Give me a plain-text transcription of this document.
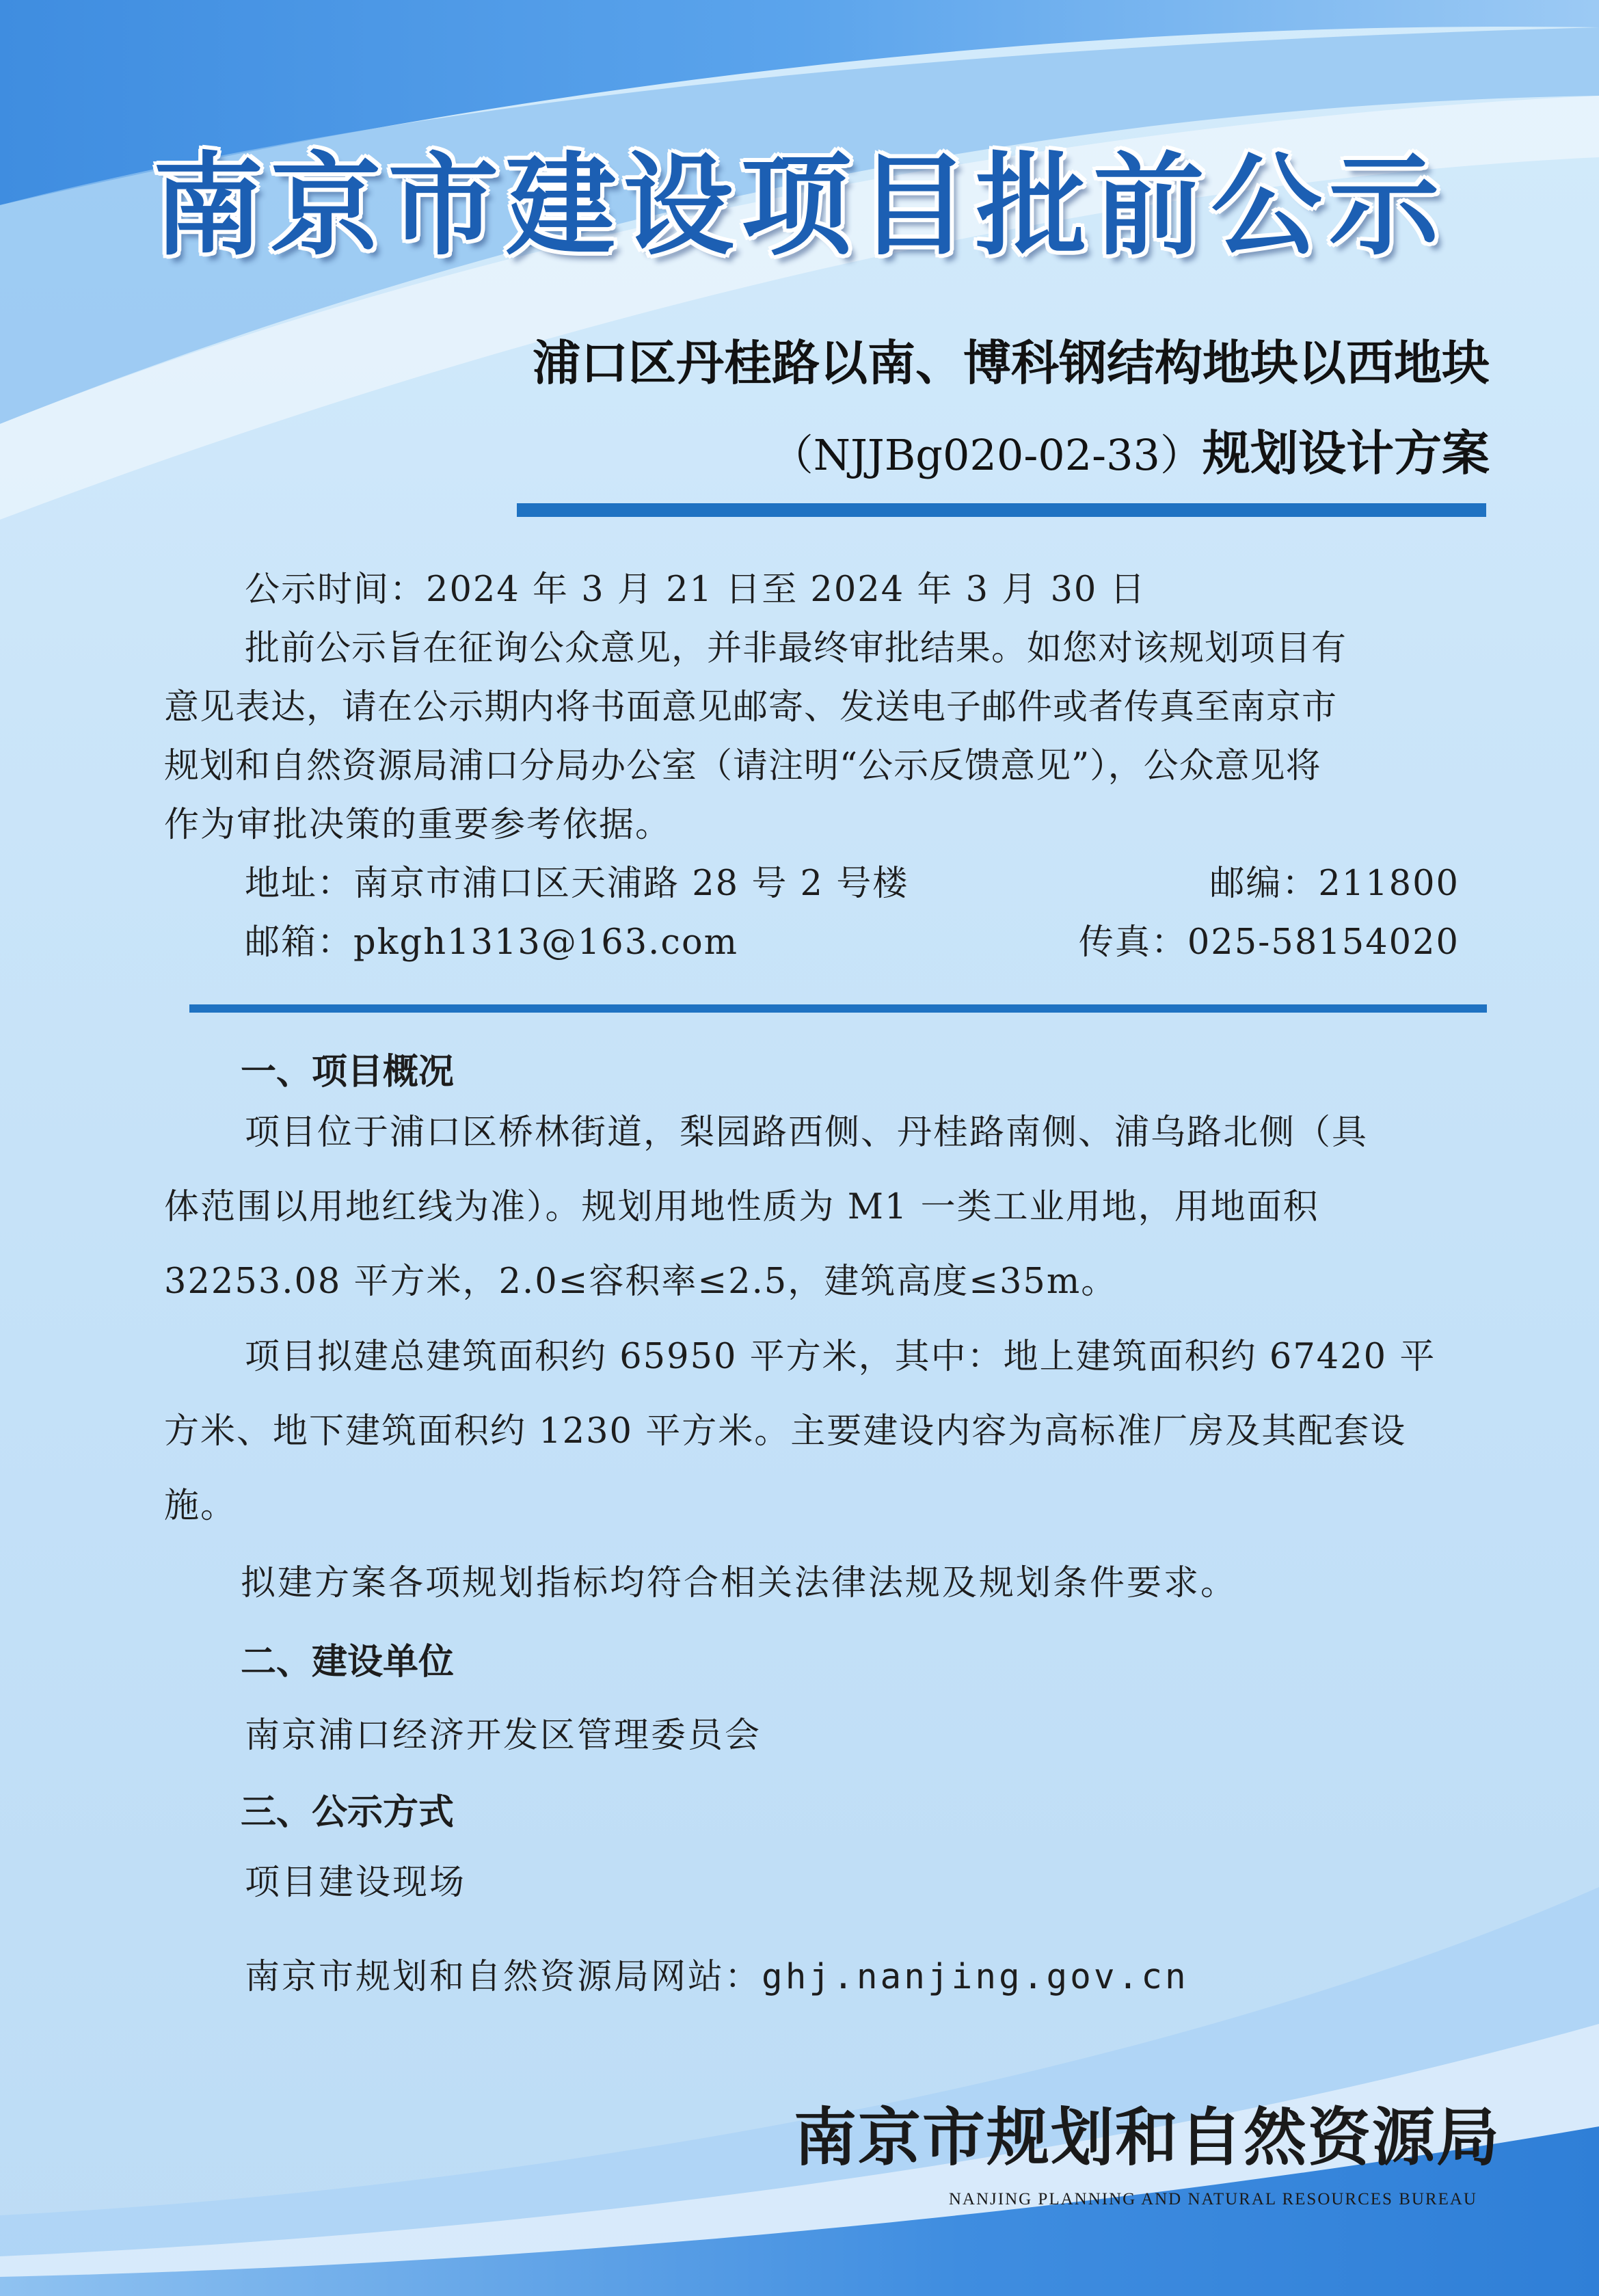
南京市建设项目批前公示

浦口区丹桂路以南、博科钢结构地块以西地块

（NJJBg020-02-33）规划设计方案

公示时间：2024 年 3 月 21 日至 2024 年 3 月 30 日

批前公示旨在征询公众意见，并非最终审批结果。如您对该规划项目有

意见表达，请在公示期内将书面意见邮寄、发送电子邮件或者传真至南京市

规划和自然资源局浦口分局办公室（请注明“公示反馈意见”），公众意见将

作为审批决策的重要参考依据。

地址：南京市浦口区天浦路 28 号 2 号楼	邮编：211800
邮箱：pkgh1313@163.com	传真：025-58154020

一、项目概况

项目位于浦口区桥林街道，梨园路西侧、丹桂路南侧、浦乌路北侧（具

体范围以用地红线为准）。规划用地性质为 M1 一类工业用地，用地面积

32253.08 平方米，2.0≤容积率≤2.5，建筑高度≤35m。

项目拟建总建筑面积约 65950 平方米，其中：地上建筑面积约 67420 平

方米、地下建筑面积约 1230 平方米。主要建设内容为高标准厂房及其配套设

施。

拟建方案各项规划指标均符合相关法律法规及规划条件要求。

二、建设单位

南京浦口经济开发区管理委员会

三、公示方式

项目建设现场

南京市规划和自然资源局网站：ghj.nanjing.gov.cn

南京市规划和自然资源局

NANJING PLANNING AND NATURAL RESOURCES BUREAU
